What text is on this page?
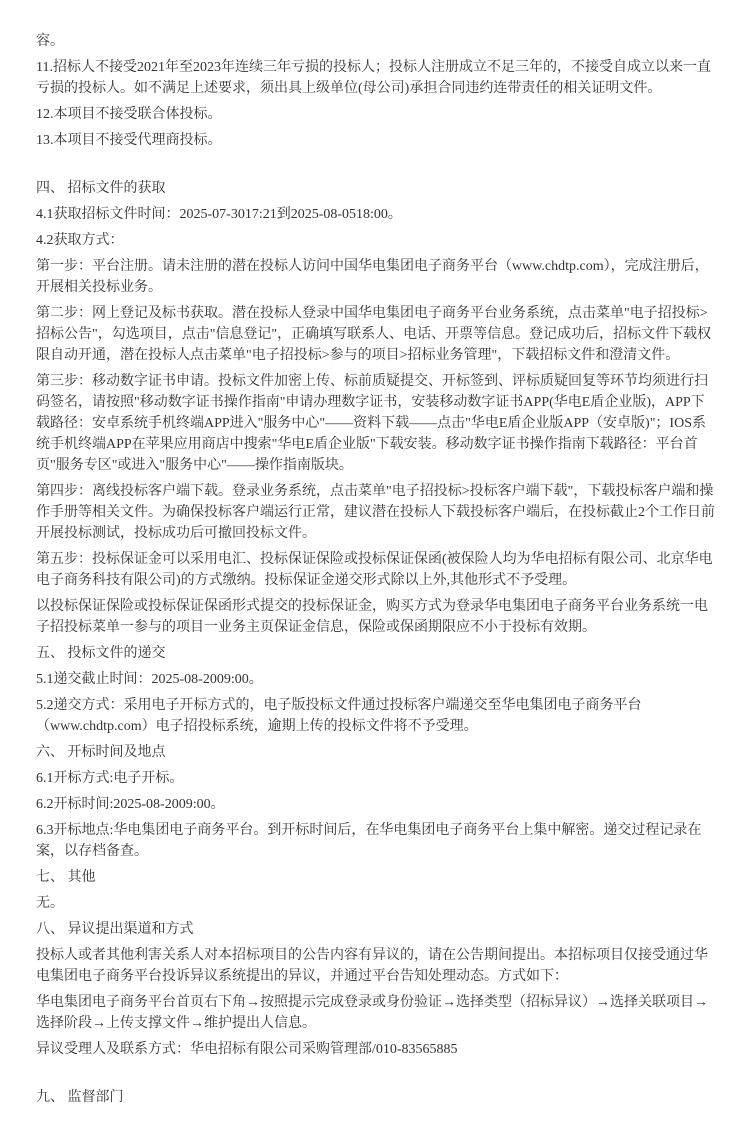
容。

11.招标人不接受2021年至2023年连续三年亏损的投标人；投标人注册成立不足三年的，不接受自成立以来一直亏损的投标人。如不满足上述要求，须出具上级单位(母公司)承担合同违约连带责任的相关证明文件。

12.本项目不接受联合体投标。

13.本项目不接受代理商投标。

四、 招标文件的获取

4.1获取招标文件时间：2025-07-3017:21到2025-08-0518:00。

4.2获取方式：

第一步：平台注册。请未注册的潜在投标人访问中国华电集团电子商务平台（www.chdtp.com），完成注册后，开展相关投标业务。

第二步：网上登记及标书获取。潜在投标人登录中国华电集团电子商务平台业务系统，点击菜单"电子招投标>招标公告"，勾选项目，点击"信息登记"，正确填写联系人、电话、开票等信息。登记成功后，招标文件下载权限自动开通，潜在投标人点击菜单"电子招投标>参与的项目>招标业务管理"，下载招标文件和澄清文件。

第三步：移动数字证书申请。投标文件加密上传、标前质疑提交、开标签到、评标质疑回复等环节均须进行扫码签名，请按照"移动数字证书操作指南"申请办理数字证书，安装移动数字证书APP(华电E盾企业版)，APP下载路径：安卓系统手机终端APP进入"服务中心"——资料下载——点击"华电E盾企业版APP（安卓版)"；IOS系统手机终端APP在苹果应用商店中搜索"华电E盾企业版"下载安装。移动数字证书操作指南下载路径：平台首页"服务专区"或进入"服务中心"——操作指南版块。

第四步：离线投标客户端下载。登录业务系统，点击菜单"电子招投标>投标客户端下载"，下载投标客户端和操作手册等相关文件。为确保投标客户端运行正常，建议潜在投标人下载投标客户端后，在投标截止2个工作日前开展投标测试，投标成功后可撤回投标文件。

第五步：投标保证金可以采用电汇、投标保证保险或投标保证保函(被保险人均为华电招标有限公司、北京华电电子商务科技有限公司)的方式缴纳。投标保证金递交形式除以上外,其他形式不予受理。

以投标保证保险或投标保证保函形式提交的投标保证金，购买方式为登录华电集团电子商务平台业务系统一电子招投标菜单一参与的项目一业务主页保证金信息，保险或保函期限应不小于投标有效期。

五、 投标文件的递交

5.1递交截止时间：2025-08-2009:00。

5.2递交方式：采用电子开标方式的，电子版投标文件通过投标客户端递交至华电集团电子商务平台（www.chdtp.com）电子招投标系统，逾期上传的投标文件将不予受理。

六、 开标时间及地点

6.1开标方式:电子开标。

6.2开标时间:2025-08-2009:00。

6.3开标地点:华电集团电子商务平台。到开标时间后，在华电集团电子商务平台上集中解密。递交过程记录在案，以存档备查。

七、 其他

无。

八、 异议提出渠道和方式

投标人或者其他利害关系人对本招标项目的公告内容有异议的，请在公告期间提出。本招标项目仅接受通过华电集团电子商务平台投诉异议系统提出的异议，并通过平台告知处理动态。方式如下：

华电集团电子商务平台首页右下角→按照提示完成登录或身份验证→选择类型（招标异议）→选择关联项目→选择阶段→上传支撑文件→维护提出人信息。

异议受理人及联系方式：华电招标有限公司采购管理部/010-83565885

九、 监督部门
